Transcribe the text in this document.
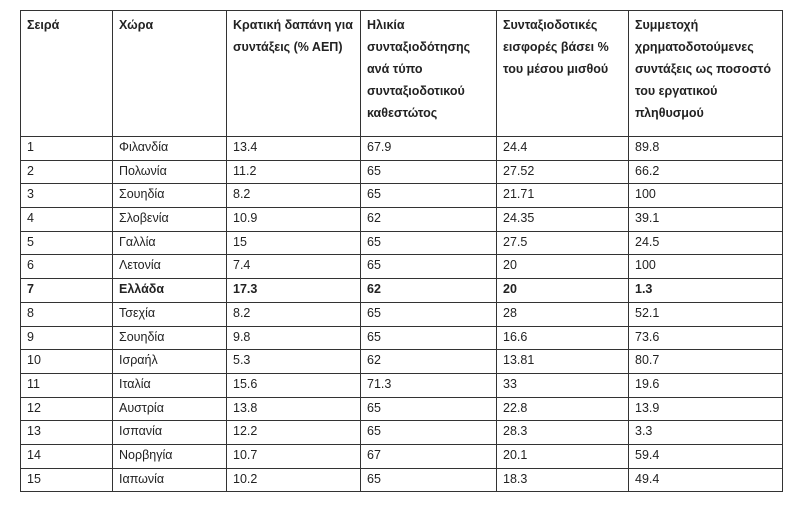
Σειρά	Χώρα	Κρατική δαπάνη για συντάξεις (% ΑΕΠ)	Ηλικία συνταξιοδότησης ανά τύπο συνταξιοδοτικού καθεστώτος	Συνταξιοδοτικές εισφορές βάσει % του μέσου μισθού	Συμμετοχή χρηματοδοτούμενες συντάξεις ως ποσοστό του εργατικού πληθυσμού
1	Φιλανδία	13.4	67.9	24.4	89.8
2	Πολωνία	11.2	65	27.52	66.2
3	Σουηδία	8.2	65	21.71	100
4	Σλοβενία	10.9	62	24.35	39.1
5	Γαλλία	15	65	27.5	24.5
6	Λετονία	7.4	65	20	100
7	Ελλάδα	17.3	62	20	1.3
8	Τσεχία	8.2	65	28	52.1
9	Σουηδία	9.8	65	16.6	73.6
10	Ισραήλ	5.3	62	13.81	80.7
11	Ιταλία	15.6	71.3	33	19.6
12	Αυστρία	13.8	65	22.8	13.9
13	Ισπανία	12.2	65	28.3	3.3
14	Νορβηγία	10.7	67	20.1	59.4
15	Ιαπωνία	10.2	65	18.3	49.4
